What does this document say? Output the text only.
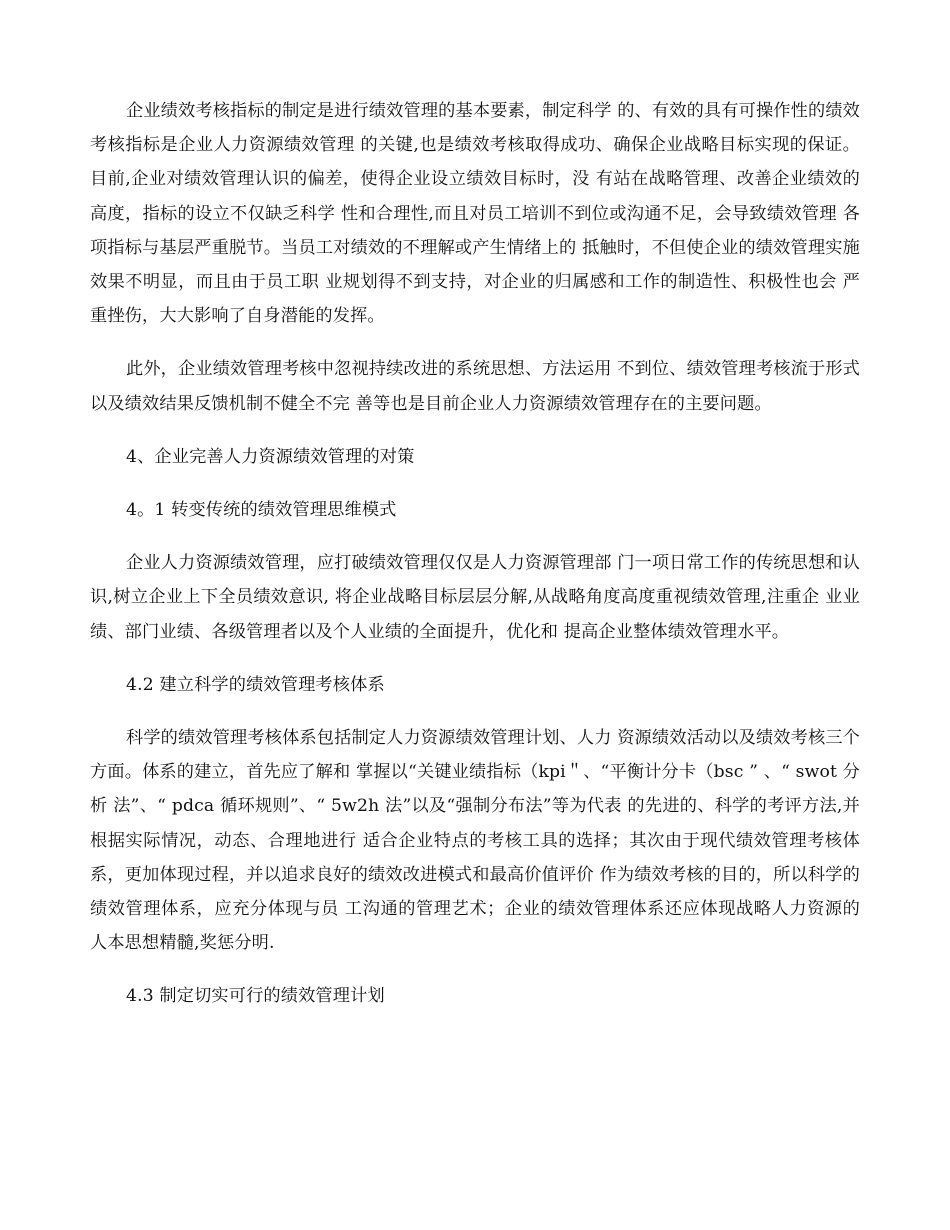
企业绩效考核指标的制定是进行绩效管理的基本要素，制定科学 的、有效的具有可操作性的绩效考核指标是企业人力资源绩效管理 的关键,也是绩效考核取得成功、确保企业战略目标实现的保证。 目前,企业对绩效管理认识的偏差，使得企业设立绩效目标时，没 有站在战略管理、改善企业绩效的高度，指标的设立不仅缺乏科学 性和合理性,而且对员工培训不到位或沟通不足，会导致绩效管理 各项指标与基层严重脱节。当员工对绩效的不理解或产生情绪上的 抵触时，不但使企业的绩效管理实施效果不明显，而且由于员工职 业规划得不到支持，对企业的归属感和工作的制造性、积极性也会 严重挫伤，大大影响了自身潜能的发挥。

此外，企业绩效管理考核中忽视持续改进的系统思想、方法运用 不到位、绩效管理考核流于形式以及绩效结果反馈机制不健全不完 善等也是目前企业人力资源绩效管理存在的主要问题。

4、企业完善人力资源绩效管理的对策

4。1 转变传统的绩效管理思维模式

企业人力资源绩效管理，应打破绩效管理仅仅是人力资源管理部 门一项日常工作的传统思想和认识,树立企业上下全员绩效意识, 将企业战略目标层层分解,从战略角度高度重视绩效管理,注重企 业业绩、部门业绩、各级管理者以及个人业绩的全面提升，优化和 提高企业整体绩效管理水平。

4.2 建立科学的绩效管理考核体系

科学的绩效管理考核体系包括制定人力资源绩效管理计划、人力 资源绩效活动以及绩效考核三个方面。体系的建立，首先应了解和 掌握以“关键业绩指标（kpi＂、“平衡计分卡（bsc ” 、“ swot 分析 法”、“ pdca 循环规则”、“ 5w2h 法”以及“强制分布法”等为代表 的先进的、科学的考评方法,并根据实际情况，动态、合理地进行 适合企业特点的考核工具的选择；其次由于现代绩效管理考核体 系，更加体现过程，并以追求良好的绩效改进模式和最高价值评价 作为绩效考核的目的，所以科学的绩效管理体系，应充分体现与员 工沟通的管理艺术；企业的绩效管理体系还应体现战略人力资源的 人本思想精髓,奖惩分明.

4.3 制定切实可行的绩效管理计划
